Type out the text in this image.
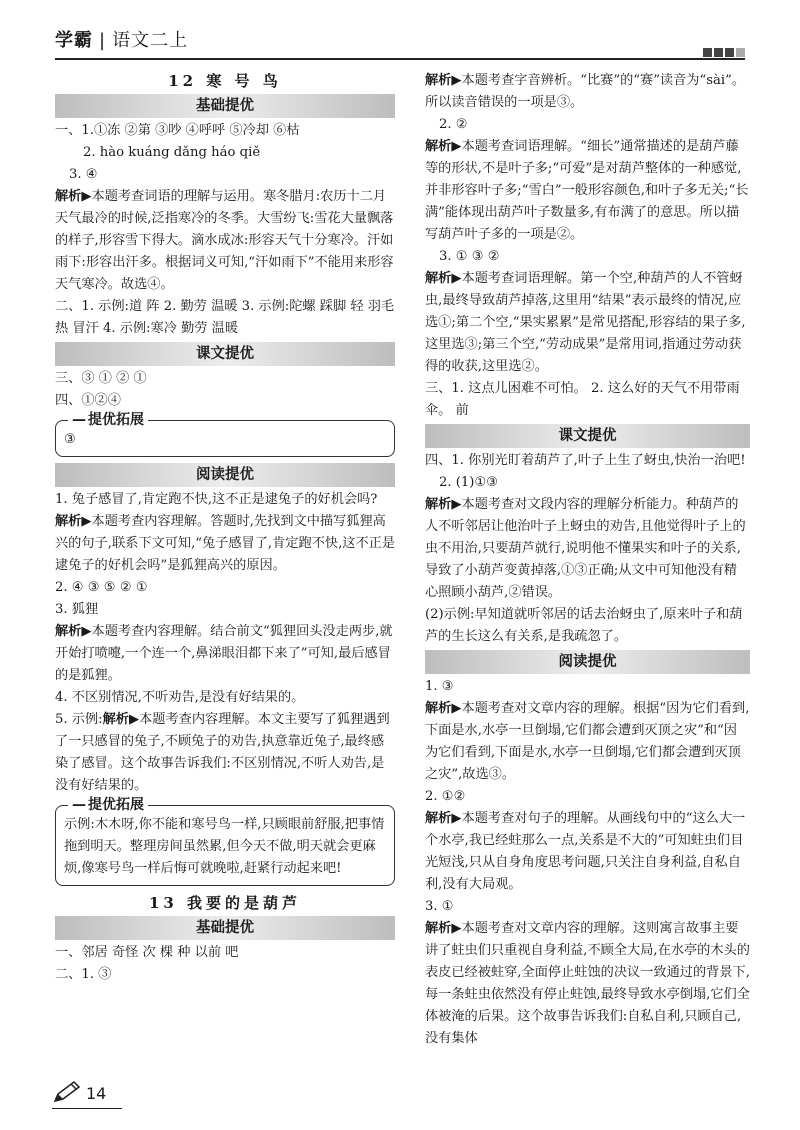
学霸 | 语文二上

12 寒 号 鸟

基础提优

一、1.①冻 ②第 ③吵 ④呼呼 ⑤冷却 ⑥枯

2. hào kuáng dǎng háo qiě

3. ④

解析▶本题考查词语的理解与运用。寒冬腊月:农历十二月天气最冷的时候,泛指寒冷的冬季。大雪纷飞:雪花大量飘落的样子,形容雪下得大。滴水成冰:形容天气十分寒冷。汗如雨下:形容出汗多。根据词义可知,“汗如雨下”不能用来形容天气寒冷。故选④。

二、1. 示例:道 阵 2. 勤劳 温暖 3. 示例:陀螺 踩脚 轻 羽毛 热 冒汗 4. 示例:寒冷 勤劳 温暖

课文提优

三、③ ① ② ①

四、①②④

— 提优拓展

③

阅读提优

1. 兔子感冒了,肯定跑不快,这不正是逮兔子的好机会吗?

解析▶本题考查内容理解。答题时,先找到文中描写狐狸高兴的句子,联系下文可知,“兔子感冒了,肯定跑不快,这不正是逮兔子的好机会吗”是狐狸高兴的原因。

2. ④ ③ ⑤ ② ①

3. 狐狸

解析▶本题考查内容理解。结合前文“狐狸回头没走两步,就开始打喷嚏,一个连一个,鼻涕眼泪都下来了”可知,最后感冒的是狐狸。

4. 不区别情况,不听劝告,是没有好结果的。

5. 示例:解析▶本题考查内容理解。本文主要写了狐狸遇到了一只感冒的兔子,不顾兔子的劝告,执意靠近兔子,最终感染了感冒。这个故事告诉我们:不区别情况,不听人劝告,是没有好结果的。

— 提优拓展

示例:木木呀,你不能和寒号鸟一样,只顾眼前舒服,把事情拖到明天。整理房间虽然累,但今天不做,明天就会更麻烦,像寒号鸟一样后悔可就晚啦,赶紧行动起来吧!

13 我要的是葫芦

基础提优

一、邻居 奇怪 次 棵 种 以前 吧

二、1. ③

解析▶本题考查字音辨析。“比赛”的“赛”读音为“sài”。所以读音错误的一项是③。

2. ②

解析▶本题考查词语理解。“细长”通常描述的是葫芦藤等的形状,不是叶子多;“可爱”是对葫芦整体的一种感觉,并非形容叶子多;“雪白”一般形容颜色,和叶子多无关;“长满”能体现出葫芦叶子数量多,有布满了的意思。所以描写葫芦叶子多的一项是②。

3. ① ③ ②

解析▶本题考查词语理解。第一个空,种葫芦的人不管蚜虫,最终导致葫芦掉落,这里用“结果”表示最终的情况,应选①;第二个空,“果实累累”是常见搭配,形容结的果子多,这里选③;第三个空,“劳动成果”是常用词,指通过劳动获得的收获,这里选②。

三、1. 这点儿困难不可怕。 2. 这么好的天气不用带雨伞。 前

课文提优

四、1. 你别光盯着葫芦了,叶子上生了蚜虫,快治一治吧!

2. (1)①③

解析▶本题考查对文段内容的理解分析能力。种葫芦的人不听邻居让他治叶子上蚜虫的劝告,且他觉得叶子上的虫不用治,只要葫芦就行,说明他不懂果实和叶子的关系,导致了小葫芦变黄掉落,①③正确;从文中可知他没有精心照顾小葫芦,②错误。

(2)示例:早知道就听邻居的话去治蚜虫了,原来叶子和葫芦的生长这么有关系,是我疏忽了。

阅读提优

1. ③

解析▶本题考查对文章内容的理解。根据“因为它们看到,下面是水,水亭一旦倒塌,它们都会遭到灭顶之灾”和“因为它们看到,下面是水,水亭一旦倒塌,它们都会遭到灭顶之灾”,故选③。

2. ①②

解析▶本题考查对句子的理解。从画线句中的“这么大一个水亭,我已经蛀那么一点,关系是不大的”可知蛀虫们目光短浅,只从自身角度思考问题,只关注自身利益,自私自利,没有大局观。

3. ①

解析▶本题考查对文章内容的理解。这则寓言故事主要讲了蛀虫们只重视自身利益,不顾全大局,在水亭的木头的表皮已经被蛀穿,全面停止蛀蚀的决议一致通过的背景下,每一条蛀虫依然没有停止蛀蚀,最终导致水亭倒塌,它们全体被淹的后果。这个故事告诉我们:自私自利,只顾自己,没有集体

14
